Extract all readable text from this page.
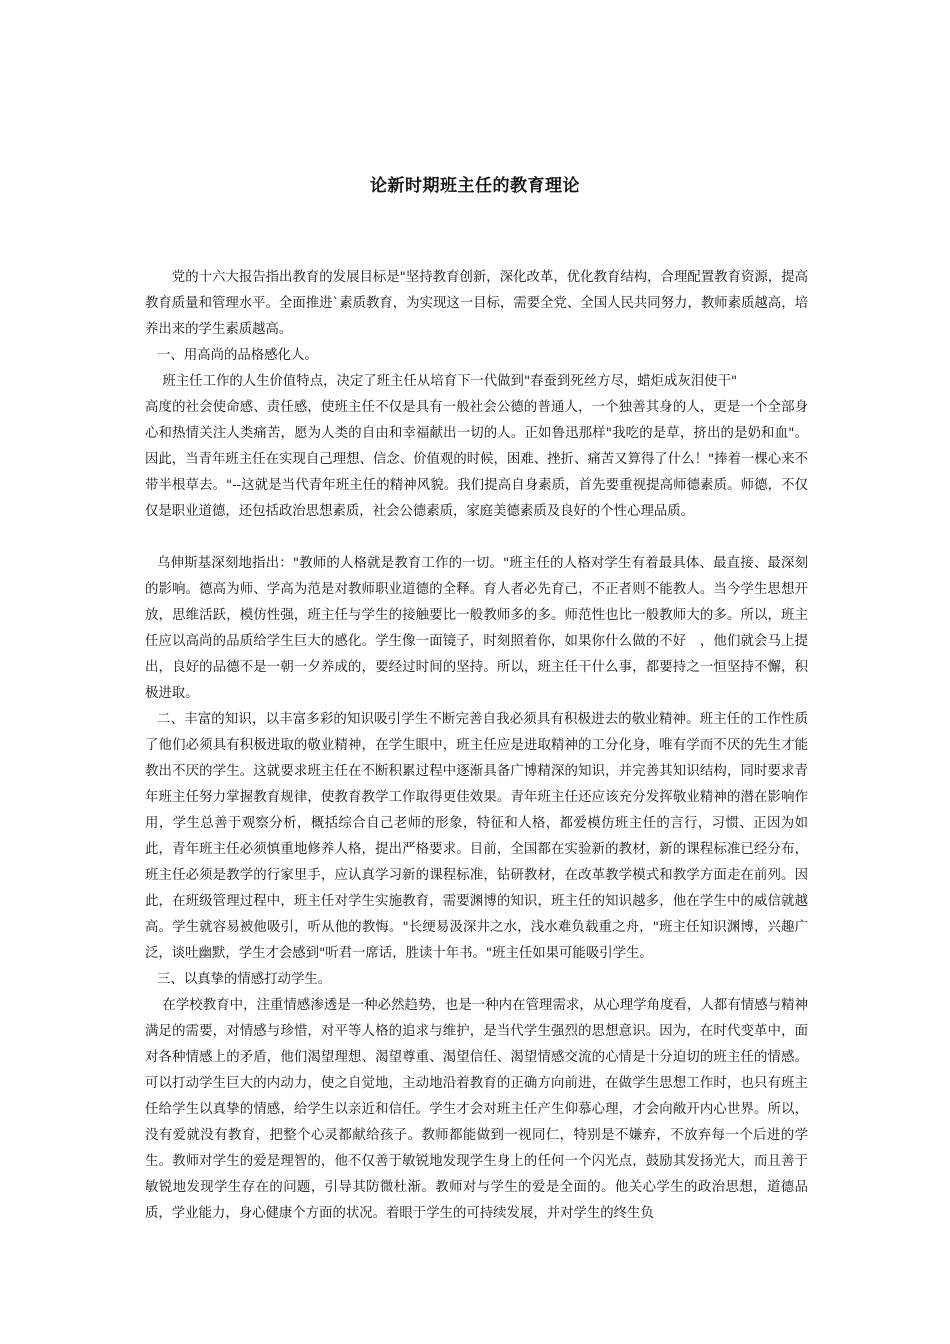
论新时期班主任的教育理论

党的十六大报告指出教育的发展目标是"坚持教育创新，深化改革，优化教育结构，合理配置教育资源，提高教育质量和管理水平。全面推进`素质教育，为实现这一目标，需要全党、全国人民共同努力，教师素质越高，培养出来的学生素质越高。

一、用高尚的品格感化人。

班主任工作的人生价值特点，决定了班主任从培育下一代做到"春蚕到死丝方尽，蜡炬成灰泪使干"

高度的社会使命感、责任感，使班主任不仅是具有一般社会公德的普通人，一个独善其身的人，更是一个全部身心和热情关注人类痛苦，愿为人类的自由和幸福献出一切的人。正如鲁迅那样"我吃的是草，挤出的是奶和血"。因此，当青年班主任在实现自己理想、信念、价值观的时候，困难、挫折、痛苦又算得了什么！"捧着一棵心来不带半根草去。"--这就是当代青年班主任的精神风貌。我们提高自身素质，首先要重视提高师德素质。师德，不仅仅是职业道德，还包括政治思想素质，社会公德素质，家庭美德素质及良好的个性心理品质。

乌伸斯基深刻地指出："教师的人格就是教育工作的一切。"班主任的人格对学生有着最具体、最直接、最深刻的影响。德高为师、学高为范是对教师职业道德的全释。育人者必先育己，不正者则不能教人。当今学生思想开放，思维活跃，模仿性强，班主任与学生的接触要比一般教师多的多。师范性也比一般教师大的多。所以，班主任应以高尚的品质给学生巨大的感化。学生像一面镜子，时刻照着你，如果你什么做的不好　，他们就会马上提出，良好的品德不是一朝一夕养成的，要经过时间的坚持。所以，班主任干什么事，都要持之一恒坚持不懈，积极进取。

二、丰富的知识，以丰富多彩的知识吸引学生不断完善自我必须具有积极进去的敬业精神。班主任的工作性质了他们必须具有积极进取的敬业精神，在学生眼中，班主任应是进取精神的工分化身，唯有学而不厌的先生才能教出不厌的学生。这就要求班主任在不断积累过程中逐渐具备广博精深的知识，并完善其知识结构，同时要求青年班主任努力掌握教育规律，使教育教学工作取得更佳效果。青年班主任还应该充分发挥敬业精神的潜在影响作用，学生总善于观察分析，概括综合自己老师的形象，特征和人格，都爱模仿班主任的言行，习惯、正因为如此，青年班主任必须慎重地修养人格，提出严格要求。目前，全国都在实验新的教材，新的课程标准已经分布，班主任必须是教学的行家里手，应认真学习新的课程标准，钻研教材，在改革教学模式和教学方面走在前列。因此，在班级管理过程中，班主任对学生实施教育，需要渊博的知识，班主任的知识越多，他在学生中的威信就越高。学生就容易被他吸引，听从他的教悔。"长绠易汲深井之水，浅水难负载重之舟，"班主任知识渊博，兴趣广泛，谈吐幽默，学生才会感到"听君一席话，胜读十年书。"班主任如果可能吸引学生。

三、以真挚的情感打动学生。

在学校教育中，注重情感渗透是一种必然趋势，也是一种内在管理需求，从心理学角度看，人都有情感与精神满足的需要，对情感与珍惜，对平等人格的追求与维护，是当代学生强烈的思想意识。因为，在时代变革中，面对各种情感上的矛盾，他们渴望理想、渴望尊重、渴望信任、渴望情感交流的心情是十分迫切的班主任的情感。可以打动学生巨大的内动力，使之自觉地，主动地沿着教育的正确方向前进，在做学生思想工作时，也只有班主任给学生以真挚的情感，给学生以亲近和信任。学生才会对班主任产生仰慕心理，才会向敞开内心世界。所以，没有爱就没有教育，把整个心灵都献给孩子。教师都能做到一视同仁，特别是不嫌弃，不放弃每一个后进的学生。教师对学生的爱是理智的，他不仅善于敏锐地发现学生身上的任何一个闪光点，鼓励其发扬光大，而且善于敏锐地发现学生存在的问题，引导其防微杜渐。教师对与学生的爱是全面的。他关心学生的政治思想，道德品质，学业能力，身心健康个方面的状况。着眼于学生的可持续发展，并对学生的终生负
